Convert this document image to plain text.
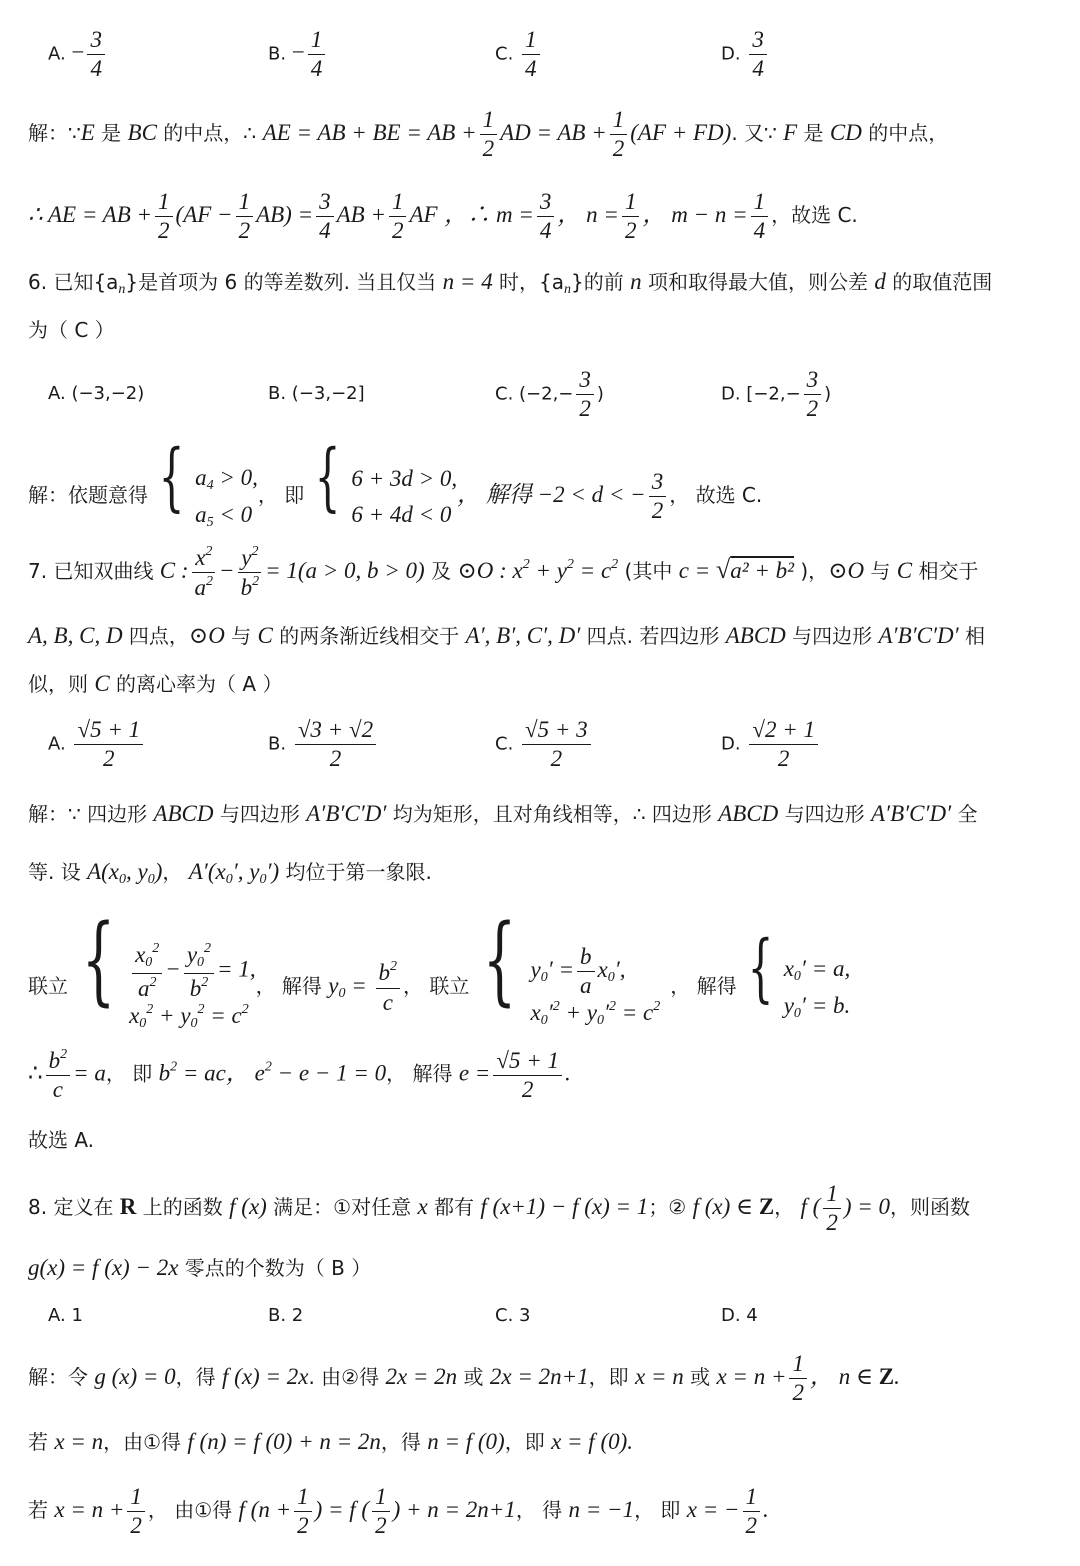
A. − $\frac{3}{4}$	B. − $\frac{1}{4}$	C. $\frac{1}{4}$	D. $\frac{3}{4}$
解：∵E 是 BC 的中点，∴ AE = AB + BE = AB + $\frac{1}{2}$ AD = AB + $\frac{1}{2} (AF + FD)$. 又∵ F 是 CD 的中点，
∴ AE = AB + $\frac{1}{2} (AF - \frac{1}{2} AB) = \frac{3}{4}$ AB + $\frac{1}{2}$ AF ，∴ $m = \frac{3}{4}$ ， $n = \frac{1}{2}$ ， $m - n = \frac{1}{4}$ ，故选 C.
6. 已知$\{a_n\}$是首项为 6 的等差数列. 当且仅当 n = 4 时，$\{a_n\}$的前 n 项和取得最大值，则公差 d 的取值范围
为（ C ）
A. (−3,−2)	B. (−3,−2]	C. ($-2,- \frac{3}{2}$ )	D. [$-2,- \frac{3}{2}$ )
解：依题意得 { $a_4 > 0$,
$a_5 < 0$
， 即 { 6 + 3d > 0,
6 + 4d < 0
， 解得 −2 < d < − $\frac{3}{2}$ ， 故选 C.
7. 已知双曲线 C : $\frac{x^2}{a^2} - \frac{y^2}{b^2} = 1(a > 0$, b > 0) 及 ⊙O : $x^2 + y^2 = c^2$ (其中 c = √a² + b² )，⊙O 与 C 相交于
A, B, C, D 四点，⊙O 与 C 的两条渐近线相交于 A′, B′, C′, D′ 四点. 若四边形 ABCD 与四边形 A′B′C′D′ 相
似，则 C 的离心率为（ A ）
A. $\frac{√5 + 1}{2}$	B. $\frac{√3 + √2}{2}$	C. $\frac{√5 + 3}{2}$	D. $\frac{√2 + 1}{2}$
解：∵ 四边形 ABCD 与四边形 A′B′C′D′ 均为矩形，且对角线相等，∴ 四边形 ABCD 与四边形 A′B′C′D′ 全
等. 设 $A(x_0$, $y_0$)， $A'(x_0'$, $y_0'$) 均位于第一象限.
联立 { $\frac{x_0^2}{a^2} - \frac{y_0^2}{b^2} = 1$,
$x_0^2 + y_0^2 = c^2$
， 解得 $y_0 = \frac{b^2}{c}$ ， 联立 { $y_0' = \frac{b}{a} x_0'$,
$x_0'^2 + y_0'^2 = c^2$
， 解得 { $x_0' = a$,
$y_0' = b$.
∴ $\frac{b^2}{c} = a$， 即 $b^2$ = ac， $e^2 - e - 1 = 0$， 解得 $e = \frac{√5 + 1}{2}$ .
故选 A.
8. 定义在 R 上的函数 f (x) 满足：①对任意 x 都有 f (x+1) − f (x) = 1；② f (x) ∈ Z， f ( $\frac{1}{2}$ ) = 0，则函数
g(x) = f (x) − 2x 零点的个数为（ B ）
A. 1	B. 2	C. 3	D. 4
解：令 g (x) = 0，得 f (x) = 2x. 由②得 2x = 2n 或 2x = 2n+1，即 x = n 或 $x = n + \frac{1}{2}$ ， n ∈ Z.
若 x = n，由①得 f (n) = f (0) + n = 2n，得 n = f (0)，即 x = f (0).
若 $x = n + \frac{1}{2}$ ， 由①得 f ($n + \frac{1}{2}$ ) = f ( $\frac{1}{2}$ ) + n = 2n+1， 得 n = −1， 即 x = − $\frac{1}{2}$ .
